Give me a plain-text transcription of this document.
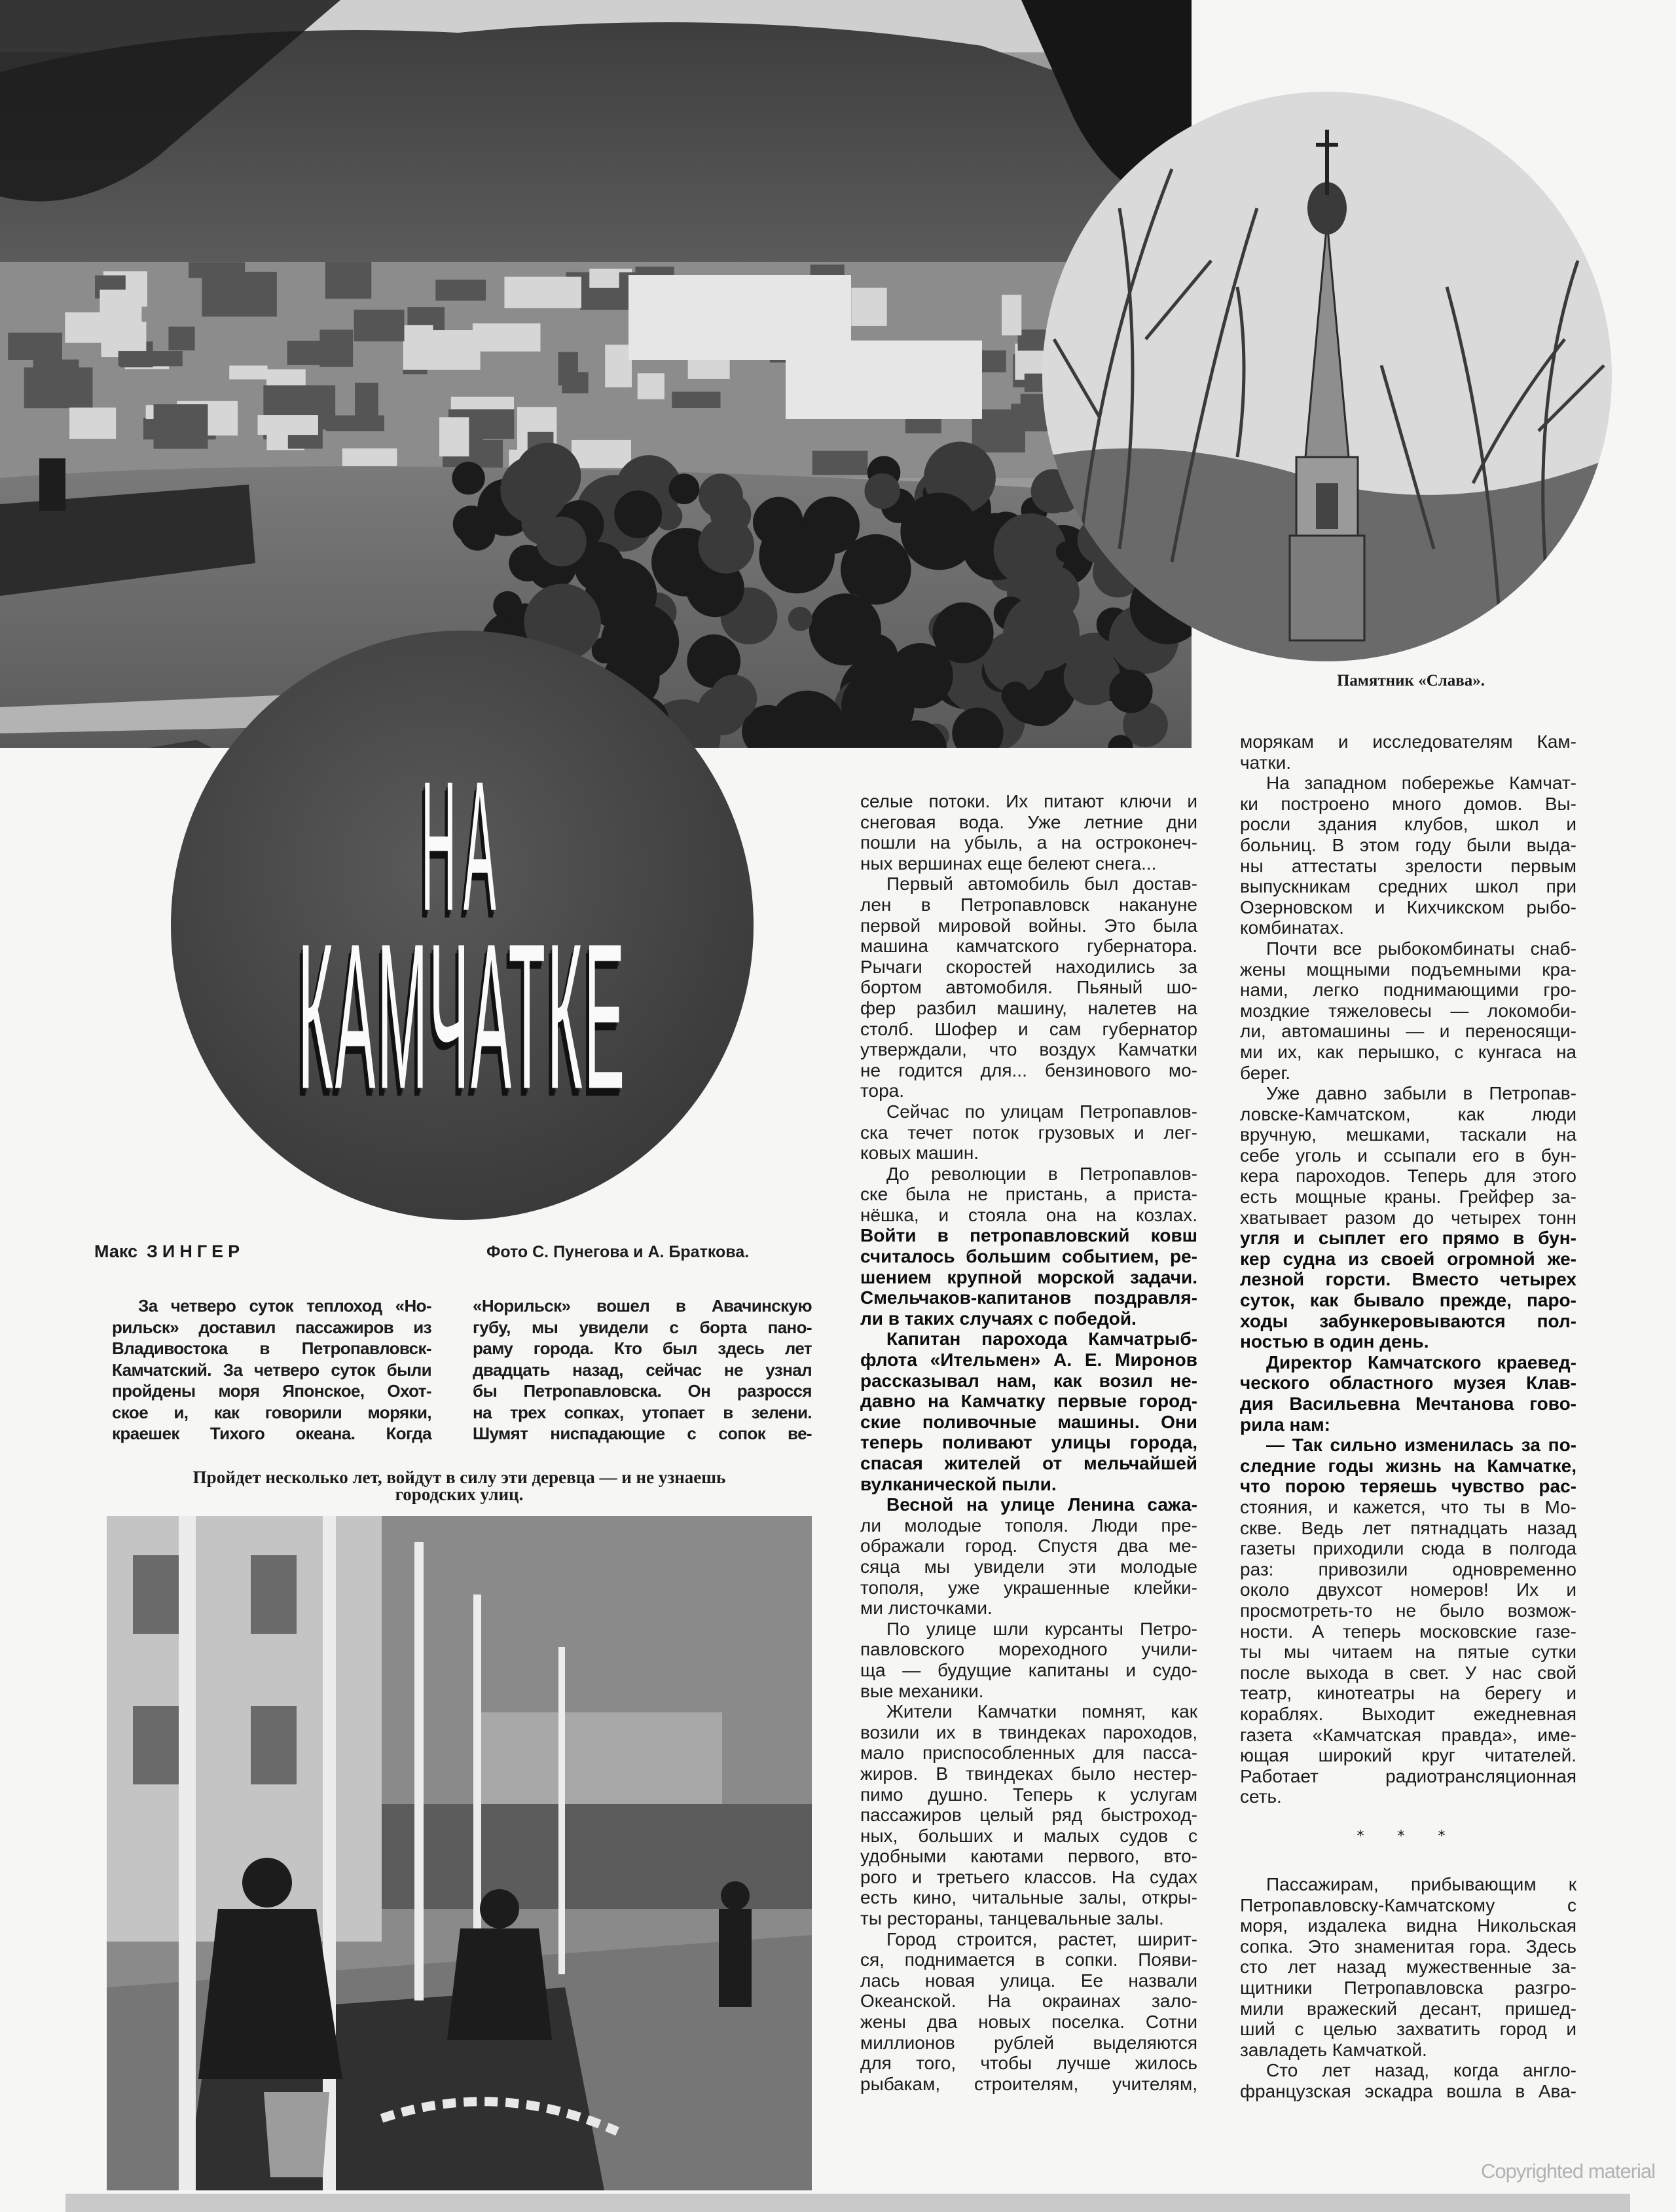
Памятник «Слава».
НА
КАМЧАТКЕ
Макс ЗИНГЕР	Фото С. Пунегова и А. Браткова.
За четверо суток теплоход «Но-
рильск» доставил пассажиров из
Владивостока в Петропавловск-
Камчатский. За четверо суток были
пройдены моря Японское, Охот-
ское и, как говорили моряки,
краешек Тихого океана. Когда
«Норильск» вошел в Авачинскую
губу, мы увидели с борта пано-
раму города. Кто был здесь лет
двадцать назад, сейчас не узнал
бы Петропавловска. Он разросся
на трех сопках, утопает в зелени.
Шумят ниспадающие с сопок ве-
Пройдет несколько лет, войдут в силу эти деревца — и не узнаешь
городских улиц.
селые потоки. Их питают ключи и
снеговая вода. Уже летние дни
пошли на убыль, а на остроконеч-
ных вершинах еще белеют снега...
Первый автомобиль был достав-
лен в Петропавловск накануне
первой мировой войны. Это была
машина камчатского губернатора.
Рычаги скоростей находились за
бортом автомобиля. Пьяный шо-
фер разбил машину, налетев на
столб. Шофер и сам губернатор
утверждали, что воздух Камчатки
не годится для... бензинового мо-
тора.
Сейчас по улицам Петропавлов-
ска течет поток грузовых и лег-
ковых машин.
До революции в Петропавлов-
ске была не пристань, а приста-
нёшка, и стояла она на козлах.
Войти в петропавловский ковш
считалось большим событием, ре-
шением крупной морской задачи.
Смельчаков-капитанов поздравля-
ли в таких случаях с победой.
Капитан парохода Камчатрыб-
флота «Ительмен» А. Е. Миронов
рассказывал нам, как возил не-
давно на Камчатку первые город-
ские поливочные машины. Они
теперь поливают улицы города,
спасая жителей от мельчайшей
вулканической пыли.
Весной на улице Ленина сажа-
ли молодые тополя. Люди пре-
ображали город. Спустя два ме-
сяца мы увидели эти молодые
тополя, уже украшенные клейки-
ми листочками.
По улице шли курсанты Петро-
павловского мореходного учили-
ща — будущие капитаны и судо-
вые механики.
Жители Камчатки помнят, как
возили их в твиндеках пароходов,
мало приспособленных для пасса-
жиров. В твиндеках было нестер-
пимо душно. Теперь к услугам
пассажиров целый ряд быстроход-
ных, больших и малых судов с
удобными каютами первого, вто-
рого и третьего классов. На судах
есть кино, читальные залы, откры-
ты рестораны, танцевальные залы.
Город строится, растет, ширит-
ся, поднимается в сопки. Появи-
лась новая улица. Ее назвали
Океанской. На окраинах зало-
жены два новых поселка. Сотни
миллионов рублей выделяются
для того, чтобы лучше жилось
рыбакам, строителям, учителям,
морякам и исследователям Кам-
чатки.
На западном побережье Камчат-
ки построено много домов. Вы-
росли здания клубов, школ и
больниц. В этом году были выда-
ны аттестаты зрелости первым
выпускникам средних школ при
Озерновском и Кихчикском рыбо-
комбинатах.
Почти все рыбокомбинаты снаб-
жены мощными подъемными кра-
нами, легко поднимающими гро-
моздкие тяжеловесы — локомоби-
ли, автомашины — и переносящи-
ми их, как перышко, с кунгаса на
берег.
Уже давно забыли в Петропав-
ловске-Камчатском, как люди
вручную, мешками, таскали на
себе уголь и ссыпали его в бун-
кера пароходов. Теперь для этого
есть мощные краны. Грейфер за-
хватывает разом до четырех тонн
угля и сыплет его прямо в бун-
кер судна из своей огромной же-
лезной горсти. Вместо четырех
суток, как бывало прежде, паро-
ходы забункеровываются пол-
ностью в один день.
Директор Камчатского краевед-
ческого областного музея Клав-
дия Васильевна Мечтанова гово-
рила нам:
— Так сильно изменилась за по-
следние годы жизнь на Камчатке,
что порою теряешь чувство рас-
стояния, и кажется, что ты в Мо-
скве. Ведь лет пятнадцать назад
газеты приходили сюда в полгода
раз: привозили одновременно
около двухсот номеров! Их и
просмотреть-то не было возмож-
ности. А теперь московские газе-
ты мы читаем на пятые сутки
после выхода в свет. У нас свой
театр, кинотеатры на берегу и
кораблях. Выходит ежедневная
газета «Камчатская правда», име-
ющая широкий круг читателей.
Работает радиотрансляционная
сеть.
* * *
Пассажирам, прибывающим к
Петропавловску-Камчатскому с
моря, издалека видна Никольская
сопка. Это знаменитая гора. Здесь
сто лет назад мужественные за-
щитники Петропавловска разгро-
мили вражеский десант, пришед-
ший с целью захватить город и
завладеть Камчаткой.
Сто лет назад, когда англо-
французская эскадра вошла в Ава-
Copyrighted material
